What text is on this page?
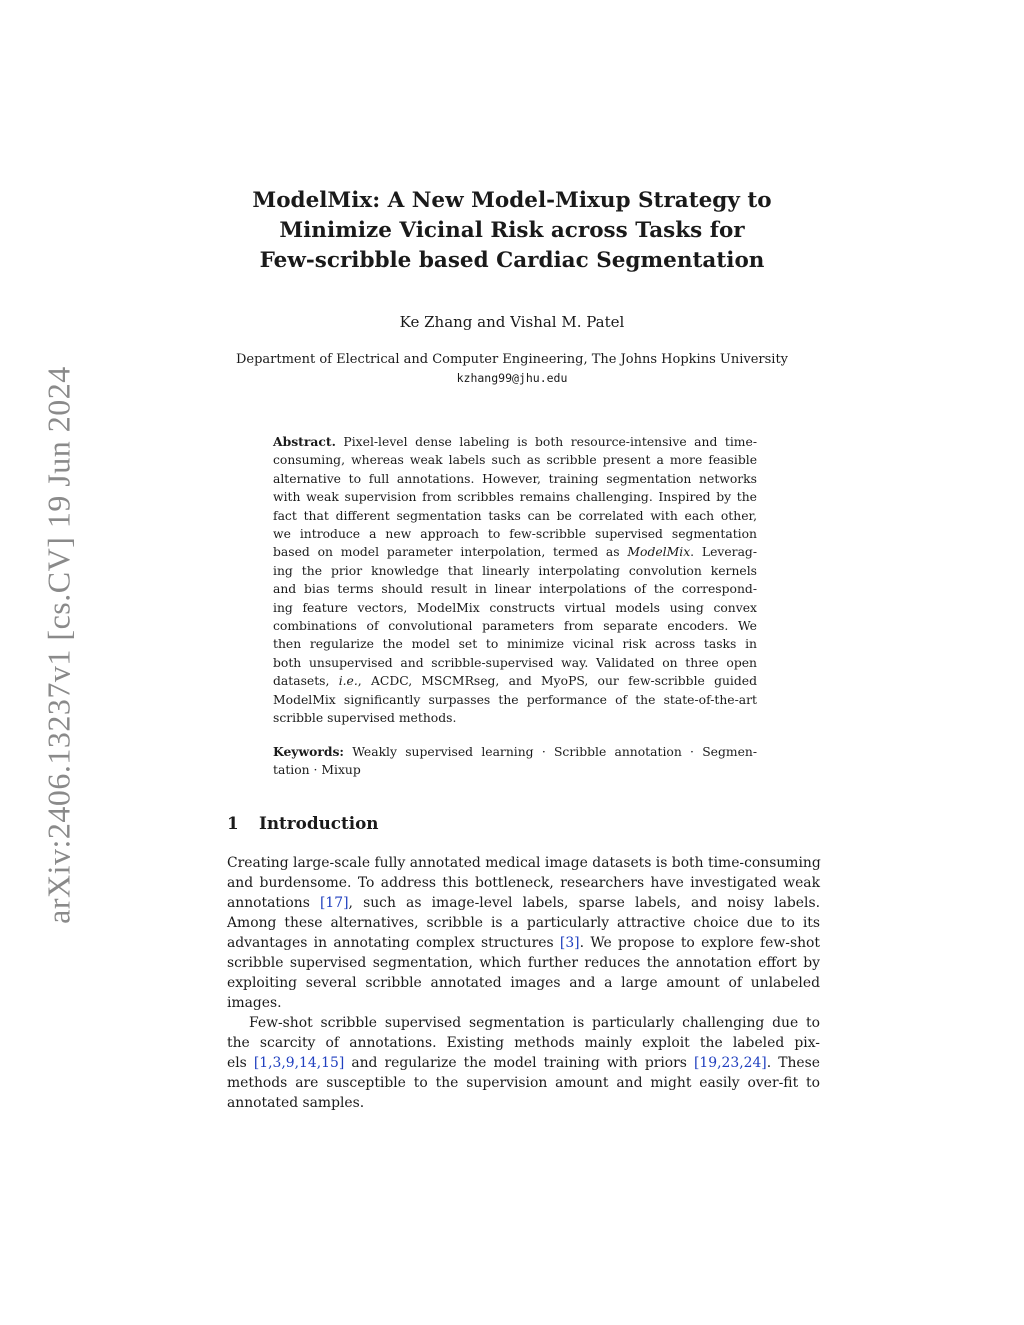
arXiv:2406.13237v1 [cs.CV] 19 Jun 2024
ModelMix: A New Model-Mixup Strategy to
Minimize Vicinal Risk across Tasks for
Few-scribble based Cardiac Segmentation
Ke Zhang and Vishal M. Patel
Department of Electrical and Computer Engineering, The Johns Hopkins University
kzhang99@jhu.edu
Abstract. Pixel-level dense labeling is both resource-intensive and time-
consuming, whereas weak labels such as scribble present a more feasible
alternative to full annotations. However, training segmentation networks
with weak supervision from scribbles remains challenging. Inspired by the
fact that different segmentation tasks can be correlated with each other,
we introduce a new approach to few-scribble supervised segmentation
based on model parameter interpolation, termed as ModelMix. Leverag-
ing the prior knowledge that linearly interpolating convolution kernels
and bias terms should result in linear interpolations of the correspond-
ing feature vectors, ModelMix constructs virtual models using convex
combinations of convolutional parameters from separate encoders. We
then regularize the model set to minimize vicinal risk across tasks in
both unsupervised and scribble-supervised way. Validated on three open
datasets, i.e., ACDC, MSCMRseg, and MyoPS, our few-scribble guided
ModelMix significantly surpasses the performance of the state-of-the-art
scribble supervised methods.
Keywords: Weakly supervised learning · Scribble annotation · Segmen-
tation · Mixup
1 Introduction
Creating large-scale fully annotated medical image datasets is both time-consuming
and burdensome. To address this bottleneck, researchers have investigated weak
annotations [17], such as image-level labels, sparse labels, and noisy labels.
Among these alternatives, scribble is a particularly attractive choice due to its
advantages in annotating complex structures [3]. We propose to explore few-shot
scribble supervised segmentation, which further reduces the annotation effort by
exploiting several scribble annotated images and a large amount of unlabeled
images.
Few-shot scribble supervised segmentation is particularly challenging due to
the scarcity of annotations. Existing methods mainly exploit the labeled pix-
els [1,3,9,14,15] and regularize the model training with priors [19,23,24]. These
methods are susceptible to the supervision amount and might easily over-fit to
annotated samples.
